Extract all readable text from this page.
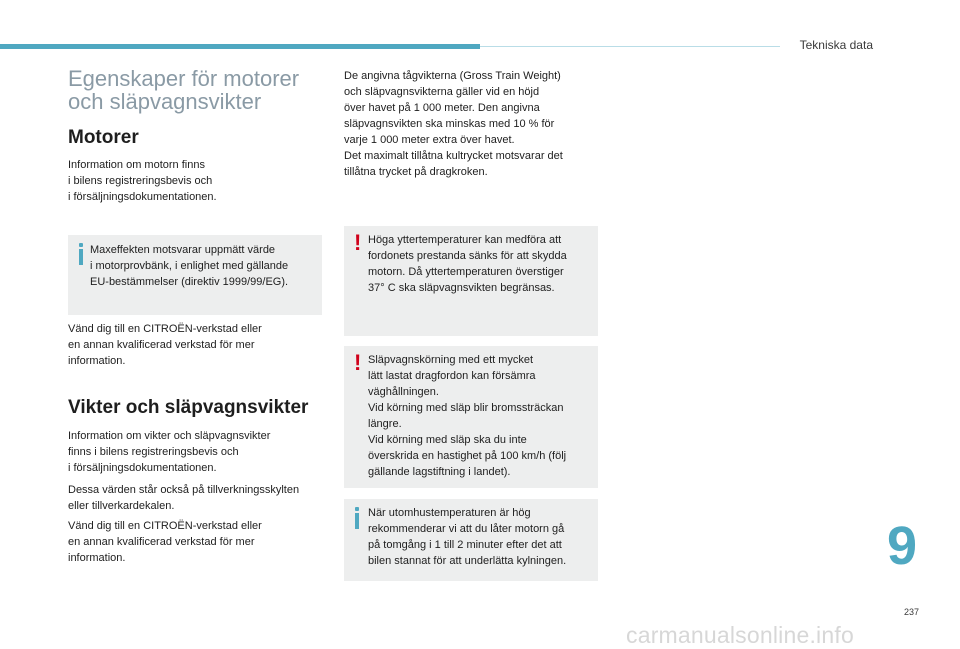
Tekniska data
Egenskaper för motorer
och släpvagnsvikter
Motorer
Information om motorn finns
i bilens registreringsbevis och
i försäljningsdokumentationen.
Maxeffekten motsvarar uppmätt värde
i motorprovbänk, i enlighet med gällande
EU-bestämmelser (direktiv 1999/99/EG).
Vänd dig till en CITROËN-verkstad eller
en annan kvalificerad verkstad för mer
information.
Vikter och släpvagnsvikter
Information om vikter och släpvagnsvikter
finns i bilens registreringsbevis och
i försäljningsdokumentationen.
Dessa värden står också på tillverkningsskylten
eller tillverkardekalen.
Vänd dig till en CITROËN-verkstad eller
en annan kvalificerad verkstad för mer
information.
De angivna tågvikterna (Gross Train Weight)
och släpvagnsvikterna gäller vid en höjd
över havet på 1 000 meter. Den angivna
släpvagnsvikten ska minskas med 10 % för
varje 1 000 meter extra över havet.
Det maximalt tillåtna kultrycket motsvarar det
tillåtna trycket på dragkroken.
! Höga yttertemperaturer kan medföra att
fordonets prestanda sänks för att skydda
motorn. Då yttertemperaturen överstiger
37° C ska släpvagnsvikten begränsas.
! Släpvagnskörning med ett mycket
lätt lastat dragfordon kan försämra
väghållningen.
Vid körning med släp blir bromssträckan
längre.
Vid körning med släp ska du inte
överskrida en hastighet på 100 km/h (följ
gällande lagstiftning i landet).
När utomhustemperaturen är hög
rekommenderar vi att du låter motorn gå
på tomgång i 1 till 2 minuter efter det att
bilen stannat för att underlätta kylningen.	9
237
carmanualsonline.info
